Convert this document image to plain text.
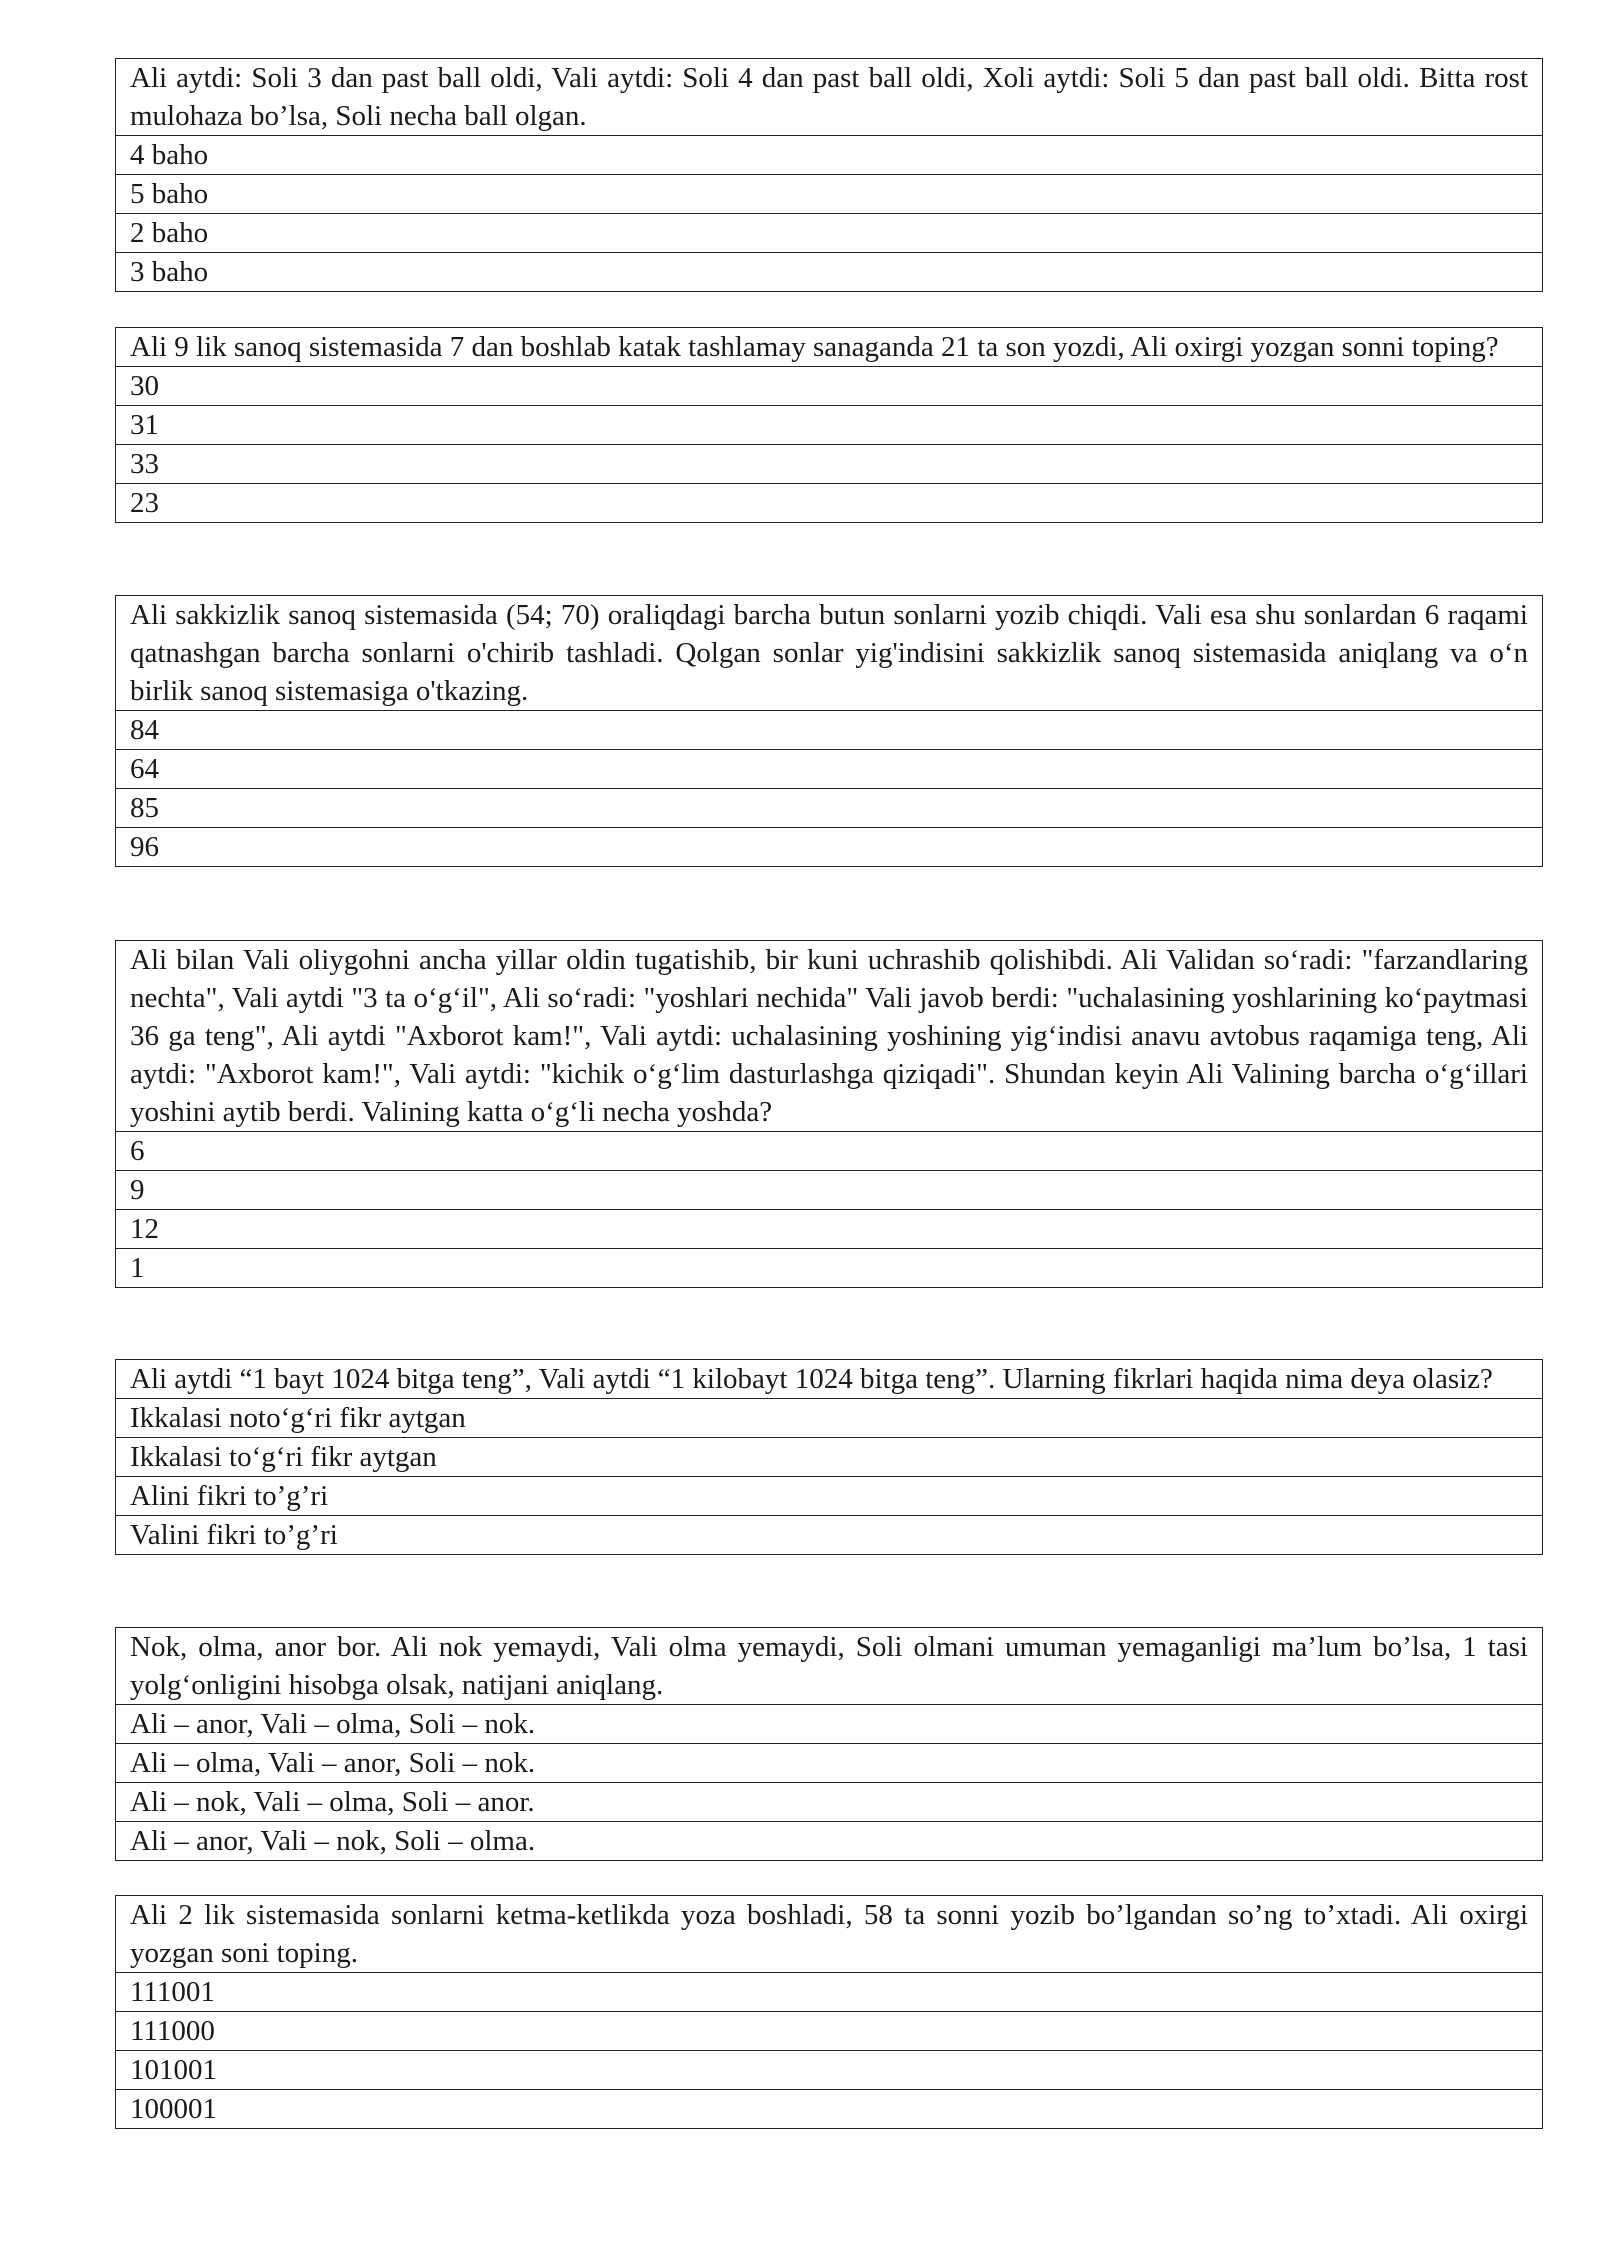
Ali aytdi: Soli 3 dan past ball oldi, Vali aytdi: Soli 4 dan past ball oldi, Xoli aytdi: Soli 5 dan past ball oldi. Bitta rost mulohaza bo’lsa, Soli necha ball olgan.
4 baho
5 baho
2 baho
3 baho
Ali 9 lik sanoq sistemasida 7 dan boshlab katak tashlamay sanaganda 21 ta son yozdi, Ali oxirgi yozgan sonni toping?
30
31
33
23
Ali sakkizlik sanoq sistemasida (54; 70) oraliqdagi barcha butun sonlarni yozib chiqdi. Vali esa shu sonlardan 6 raqami qatnashgan barcha sonlarni o'chirib tashladi. Qolgan sonlar yig'indisini sakkizlik sanoq sistemasida aniqlang va o‘n birlik sanoq sistemasiga o'tkazing.
84
64
85
96
Ali bilan Vali oliygohni ancha yillar oldin tugatishib, bir kuni uchrashib qolishibdi. Ali Validan so‘radi: "farzandlaring nechta", Vali aytdi "3 ta o‘g‘il", Ali so‘radi: "yoshlari nechida" Vali javob berdi: "uchalasining yoshlarining ko‘paytmasi 36 ga teng", Ali aytdi "Axborot kam!", Vali aytdi: uchalasining yoshining yig‘indisi anavu avtobus raqamiga teng, Ali aytdi: "Axborot kam!", Vali aytdi: "kichik o‘g‘lim dasturlashga qiziqadi". Shundan keyin Ali Valining barcha o‘g‘illari yoshini aytib berdi. Valining katta o‘g‘li necha yoshda?
6
9
12
1
Ali aytdi “1 bayt 1024 bitga teng”, Vali aytdi “1 kilobayt 1024 bitga teng”. Ularning fikrlari haqida nima deya olasiz?
Ikkalasi noto‘g‘ri fikr aytgan
Ikkalasi to‘g‘ri fikr aytgan
Alini fikri to’g’ri
Valini fikri to’g’ri
Nok, olma, anor bor. Ali nok yemaydi, Vali olma yemaydi, Soli olmani umuman yemaganligi ma’lum bo’lsa, 1 tasi yolg‘onligini hisobga olsak, natijani aniqlang.
Ali – anor, Vali – olma, Soli – nok.
Ali – olma, Vali – anor, Soli – nok.
Ali – nok, Vali – olma, Soli – anor.
Ali – anor, Vali – nok, Soli – olma.
Ali 2 lik sistemasida sonlarni ketma-ketlikda yoza boshladi, 58 ta sonni yozib bo’lgandan so’ng to’xtadi. Ali oxirgi yozgan soni toping.
111001
111000
101001
100001
